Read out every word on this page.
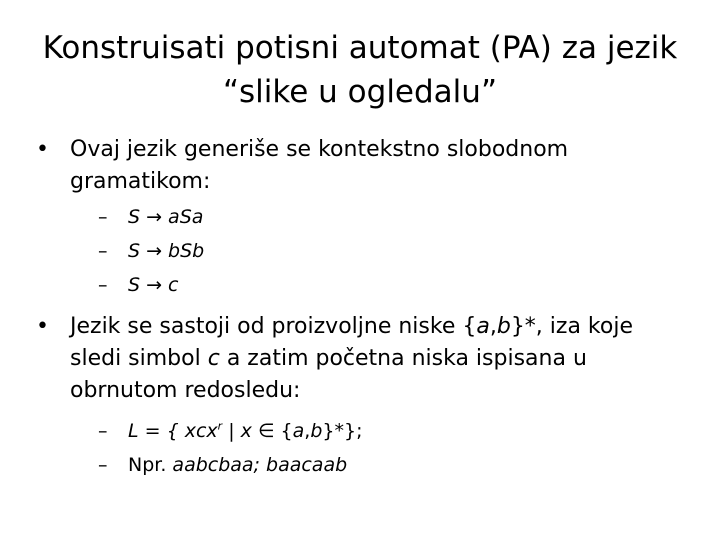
Konstruisati potisni automat (PA) za jezik
“slike u ogledalu”
• Ovaj jezik generiše se kontekstno slobodnom gramatikom:
– S → aSa
– S → bSb
– S → c
• Jezik se sastoji od proizvoljne niske {a,b}*, iza koje sledi simbol c a zatim početna niska ispisana u obrnutom redosledu:
– L = { xcx$^r$ | x ∈ {a,b}*};
– Npr. aabcbaa; baacaab
